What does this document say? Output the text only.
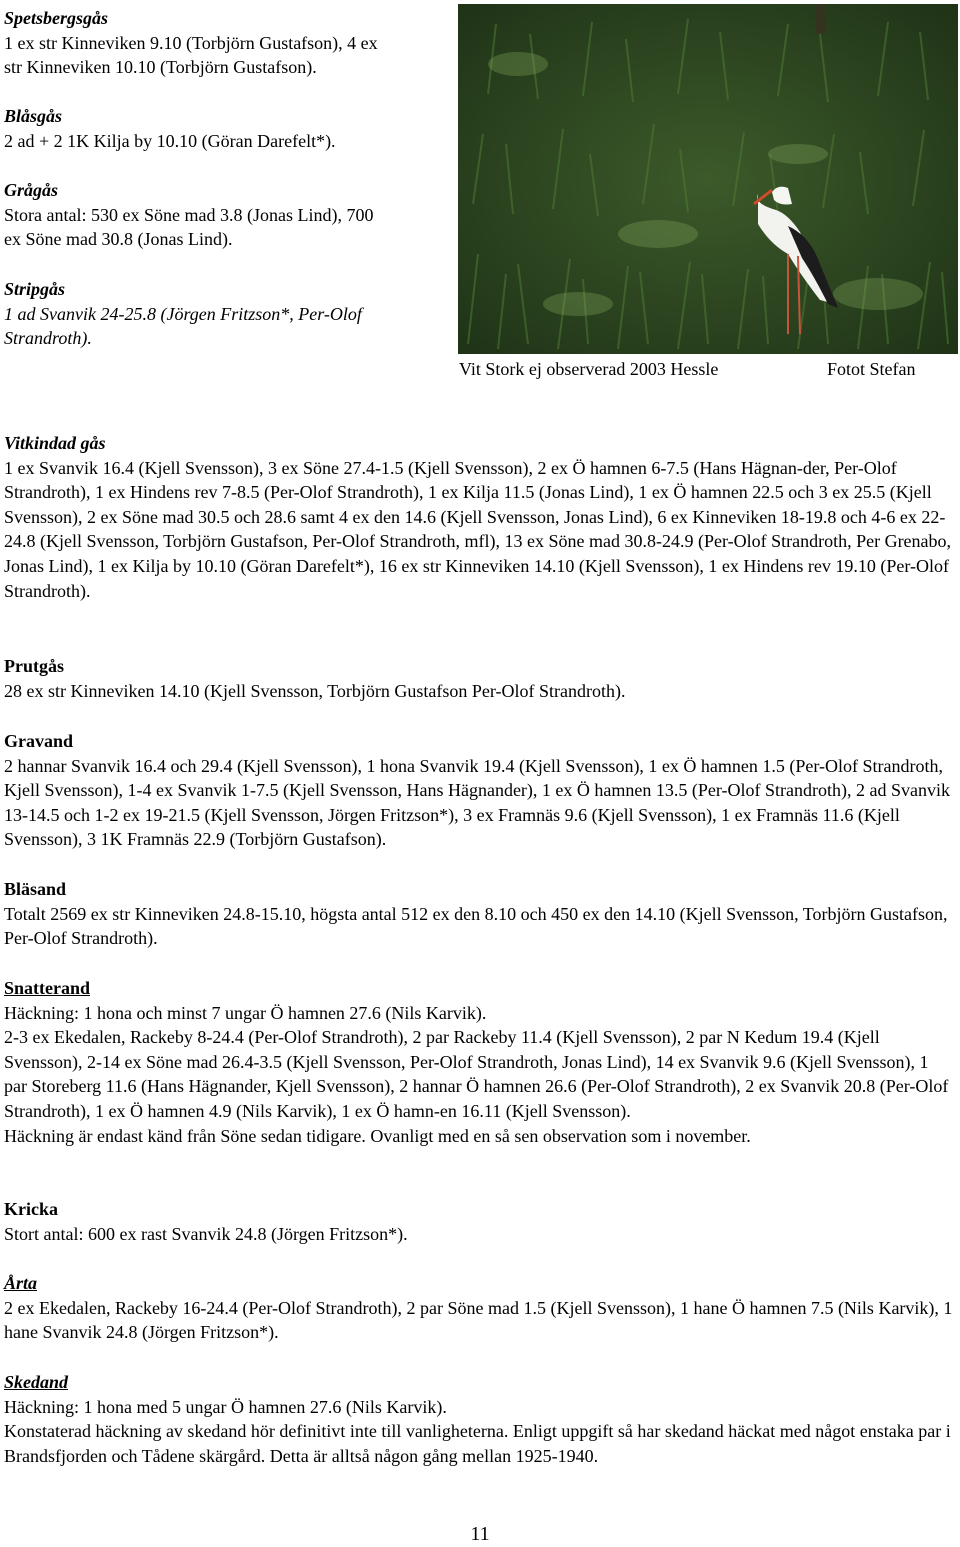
Spetsbergsgås
1 ex str Kinneviken 9.10 (Torbjörn Gustafson), 4 ex
str Kinneviken 10.10 (Torbjörn Gustafson).
Blåsgås
2 ad + 2 1K Kilja by 10.10 (Göran Darefelt*).
Grågås
Stora antal: 530 ex Söne mad 3.8 (Jonas Lind), 700
ex Söne mad 30.8 (Jonas Lind).
Stripgås
1 ad Svanvik 24-25.8 (Jörgen Fritzson*, Per-Olof
Strandroth).
Vit Stork ej observerad 2003 Hessle	Fotot Stefan
Vitkindad gås
1 ex Svanvik 16.4 (Kjell Svensson), 3 ex Söne 27.4-1.5 (Kjell Svensson), 2 ex Ö hamnen 6-7.5 (Hans Hägnan-der, Per-Olof Strandroth), 1 ex Hindens rev 7-8.5 (Per-Olof Strandroth), 1 ex Kilja 11.5 (Jonas Lind), 1 ex Ö hamnen 22.5 och 3 ex 25.5 (Kjell Svensson), 2 ex Söne mad 30.5 och 28.6 samt 4 ex den 14.6 (Kjell Svensson, Jonas Lind), 6 ex Kinneviken 18-19.8 och 4-6 ex 22-24.8 (Kjell Svensson, Torbjörn Gustafson, Per-Olof Strandroth, mfl), 13 ex Söne mad 30.8-24.9 (Per-Olof Strandroth, Per Grenabo, Jonas Lind), 1 ex Kilja by 10.10 (Göran Darefelt*), 16 ex str Kinneviken 14.10 (Kjell Svensson), 1 ex Hindens rev 19.10 (Per-Olof Strandroth).
Prutgås
28 ex str Kinneviken 14.10 (Kjell Svensson, Torbjörn Gustafson Per-Olof Strandroth).
Gravand
2 hannar Svanvik 16.4 och 29.4 (Kjell Svensson), 1 hona Svanvik 19.4 (Kjell Svensson), 1 ex Ö hamnen 1.5 (Per-Olof Strandroth, Kjell Svensson), 1-4 ex Svanvik 1-7.5 (Kjell Svensson, Hans Hägnander), 1 ex Ö hamnen 13.5 (Per-Olof Strandroth), 2 ad Svanvik 13-14.5 och 1-2 ex 19-21.5 (Kjell Svensson, Jörgen Fritzson*), 3 ex Framnäs 9.6 (Kjell Svensson), 1 ex Framnäs 11.6 (Kjell Svensson), 3 1K Framnäs 22.9 (Torbjörn Gustafson).
Bläsand
Totalt 2569 ex str Kinneviken 24.8-15.10, högsta antal 512 ex den 8.10 och 450 ex den 14.10 (Kjell Svensson, Torbjörn Gustafson, Per-Olof Strandroth).
Snatterand
Häckning: 1 hona och minst 7 ungar Ö hamnen 27.6 (Nils Karvik).
2-3 ex Ekedalen, Rackeby 8-24.4 (Per-Olof Strandroth), 2 par Rackeby 11.4 (Kjell Svensson), 2 par N Kedum 19.4 (Kjell Svensson), 2-14 ex Söne mad 26.4-3.5 (Kjell Svensson, Per-Olof Strandroth, Jonas Lind), 14 ex Svanvik 9.6 (Kjell Svensson), 1 par Storeberg 11.6 (Hans Hägnander, Kjell Svensson), 2 hannar Ö hamnen 26.6 (Per-Olof Strandroth), 2 ex Svanvik 20.8 (Per-Olof Strandroth), 1 ex Ö hamnen 4.9 (Nils Karvik), 1 ex Ö hamn-en 16.11 (Kjell Svensson).
Häckning är endast känd från Söne sedan tidigare. Ovanligt med en så sen observation som i november.
Kricka
Stort antal: 600 ex rast Svanvik 24.8 (Jörgen Fritzson*).
Årta
2 ex Ekedalen, Rackeby 16-24.4 (Per-Olof Strandroth), 2 par Söne mad 1.5 (Kjell Svensson), 1 hane Ö hamnen 7.5 (Nils Karvik), 1 hane Svanvik 24.8 (Jörgen Fritzson*).
Skedand
Häckning: 1 hona med 5 ungar Ö hamnen 27.6 (Nils Karvik).
Konstaterad häckning av skedand hör definitivt inte till vanligheterna. Enligt uppgift så har skedand häckat med något enstaka par i Brandsfjorden och Tådene skärgård. Detta är alltså någon gång mellan 1925-1940.
11
